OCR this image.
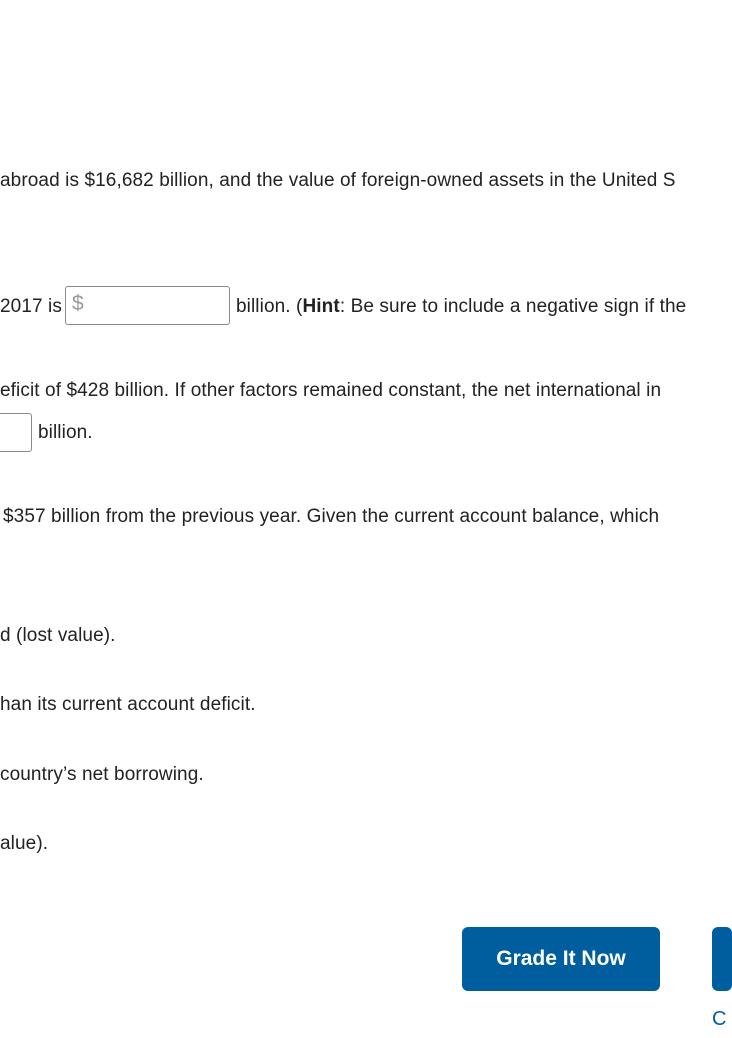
abroad is $16,682 billion, and the value of foreign-owned assets in the United S
2017 is $	billion. (Hint: Be sure to include a negative sign if the
eficit of $428 billion. If other factors remained constant, the net international in
billion.
$357 billion from the previous year. Given the current account balance, which
d (lost value).
han its current account deficit.
country’s net borrowing.
alue).
Grade It Now
C
